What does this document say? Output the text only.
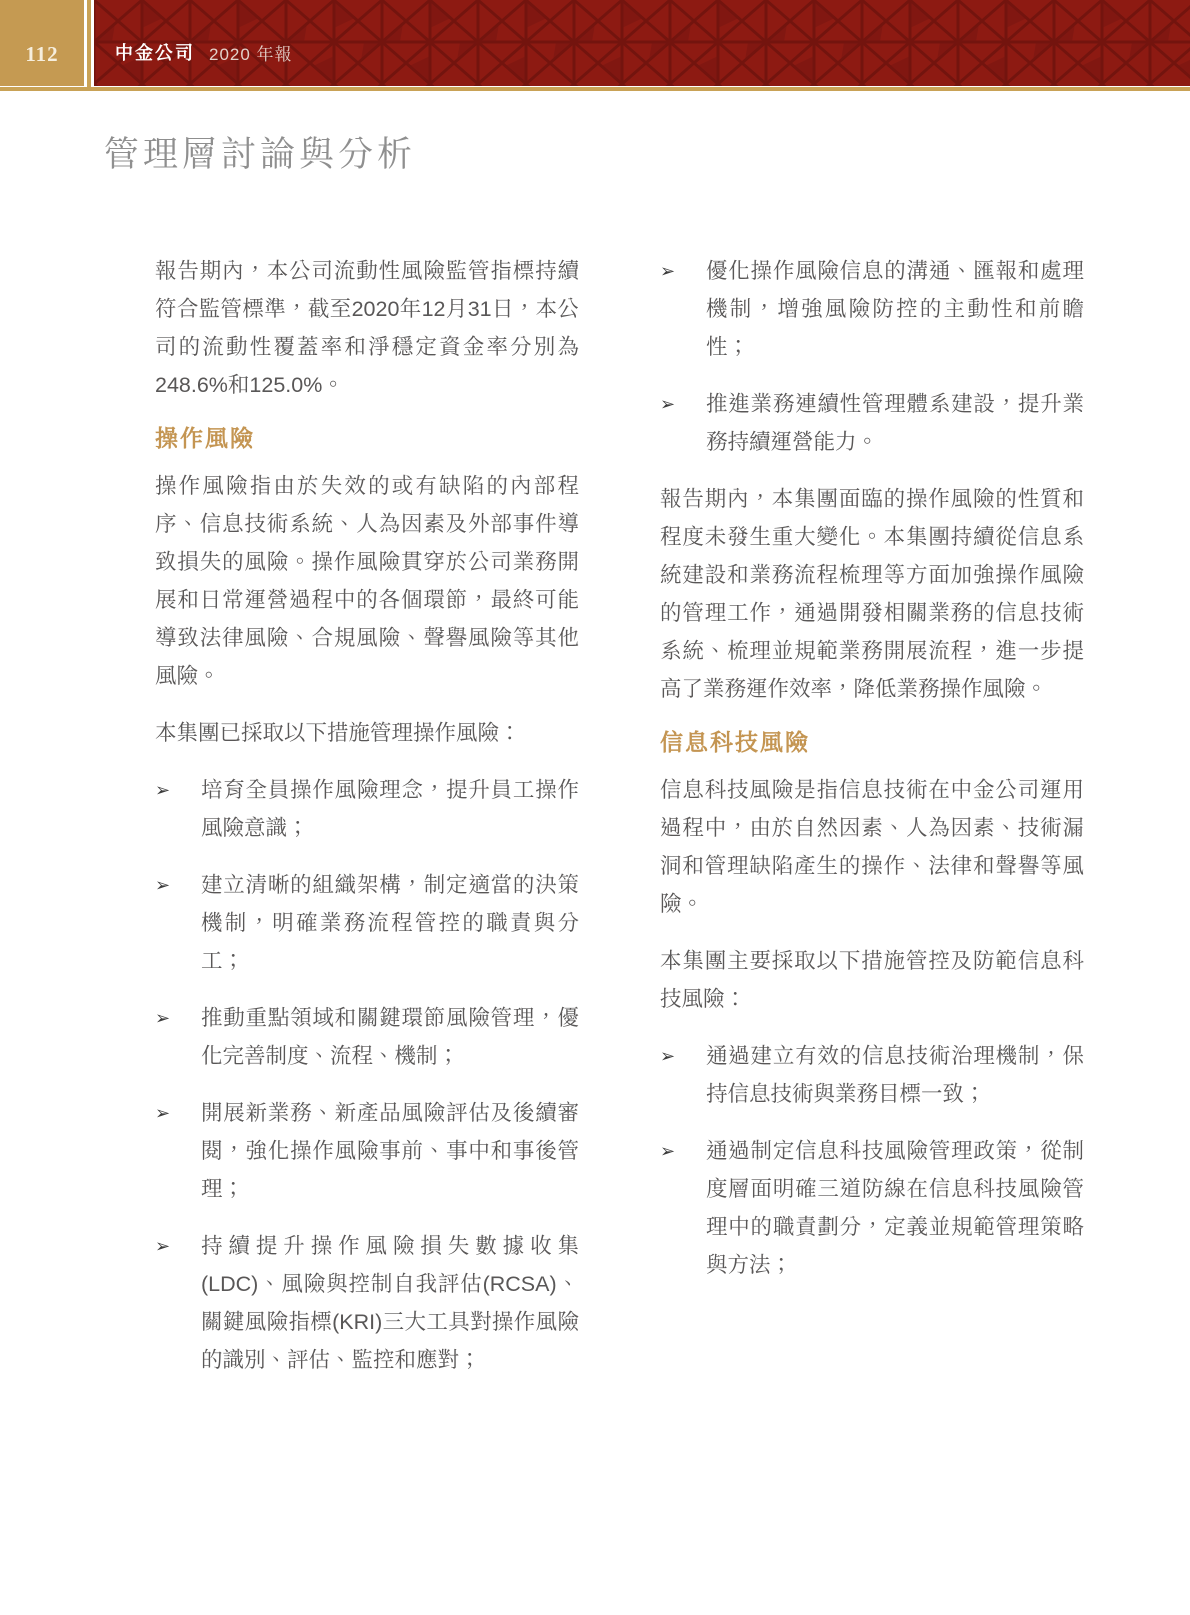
112	中金公司 2020 年報
管理層討論與分析

報告期內，本公司流動性風險監管指標持續符合監管標準，截至2020年12月31日，本公司的流動性覆蓋率和淨穩定資金率分別為248.6%和125.0%。

操作風險

操作風險指由於失效的或有缺陷的內部程序、信息技術系統、人為因素及外部事件導致損失的風險。操作風險貫穿於公司業務開展和日常運營過程中的各個環節，最終可能導致法律風險、合規風險、聲譽風險等其他風險。

本集團已採取以下措施管理操作風險：

➢	培育全員操作風險理念，提升員工操作風險意識；
➢	建立清晰的組織架構，制定適當的決策機制，明確業務流程管控的職責與分工；
➢	推動重點領域和關鍵環節風險管理，優化完善制度、流程、機制；
➢	開展新業務、新產品風險評估及後續審閱，強化操作風險事前、事中和事後管理；
➢	持續提升操作風險損失數據收集(LDC)、風險與控制自我評估(RCSA)、關鍵風險指標(KRI)三大工具對操作風險的識別、評估、監控和應對；
➢	優化操作風險信息的溝通、匯報和處理機制，增強風險防控的主動性和前瞻性；
➢	推進業務連續性管理體系建設，提升業務持續運營能力。

報告期內，本集團面臨的操作風險的性質和程度未發生重大變化。本集團持續從信息系統建設和業務流程梳理等方面加強操作風險的管理工作，通過開發相關業務的信息技術系統、梳理並規範業務開展流程，進一步提高了業務運作效率，降低業務操作風險。

信息科技風險

信息科技風險是指信息技術在中金公司運用過程中，由於自然因素、人為因素、技術漏洞和管理缺陷產生的操作、法律和聲譽等風險。

本集團主要採取以下措施管控及防範信息科技風險：

➢	通過建立有效的信息技術治理機制，保持信息技術與業務目標一致；
➢	通過制定信息科技風險管理政策，從制度層面明確三道防線在信息科技風險管理中的職責劃分，定義並規範管理策略與方法；
